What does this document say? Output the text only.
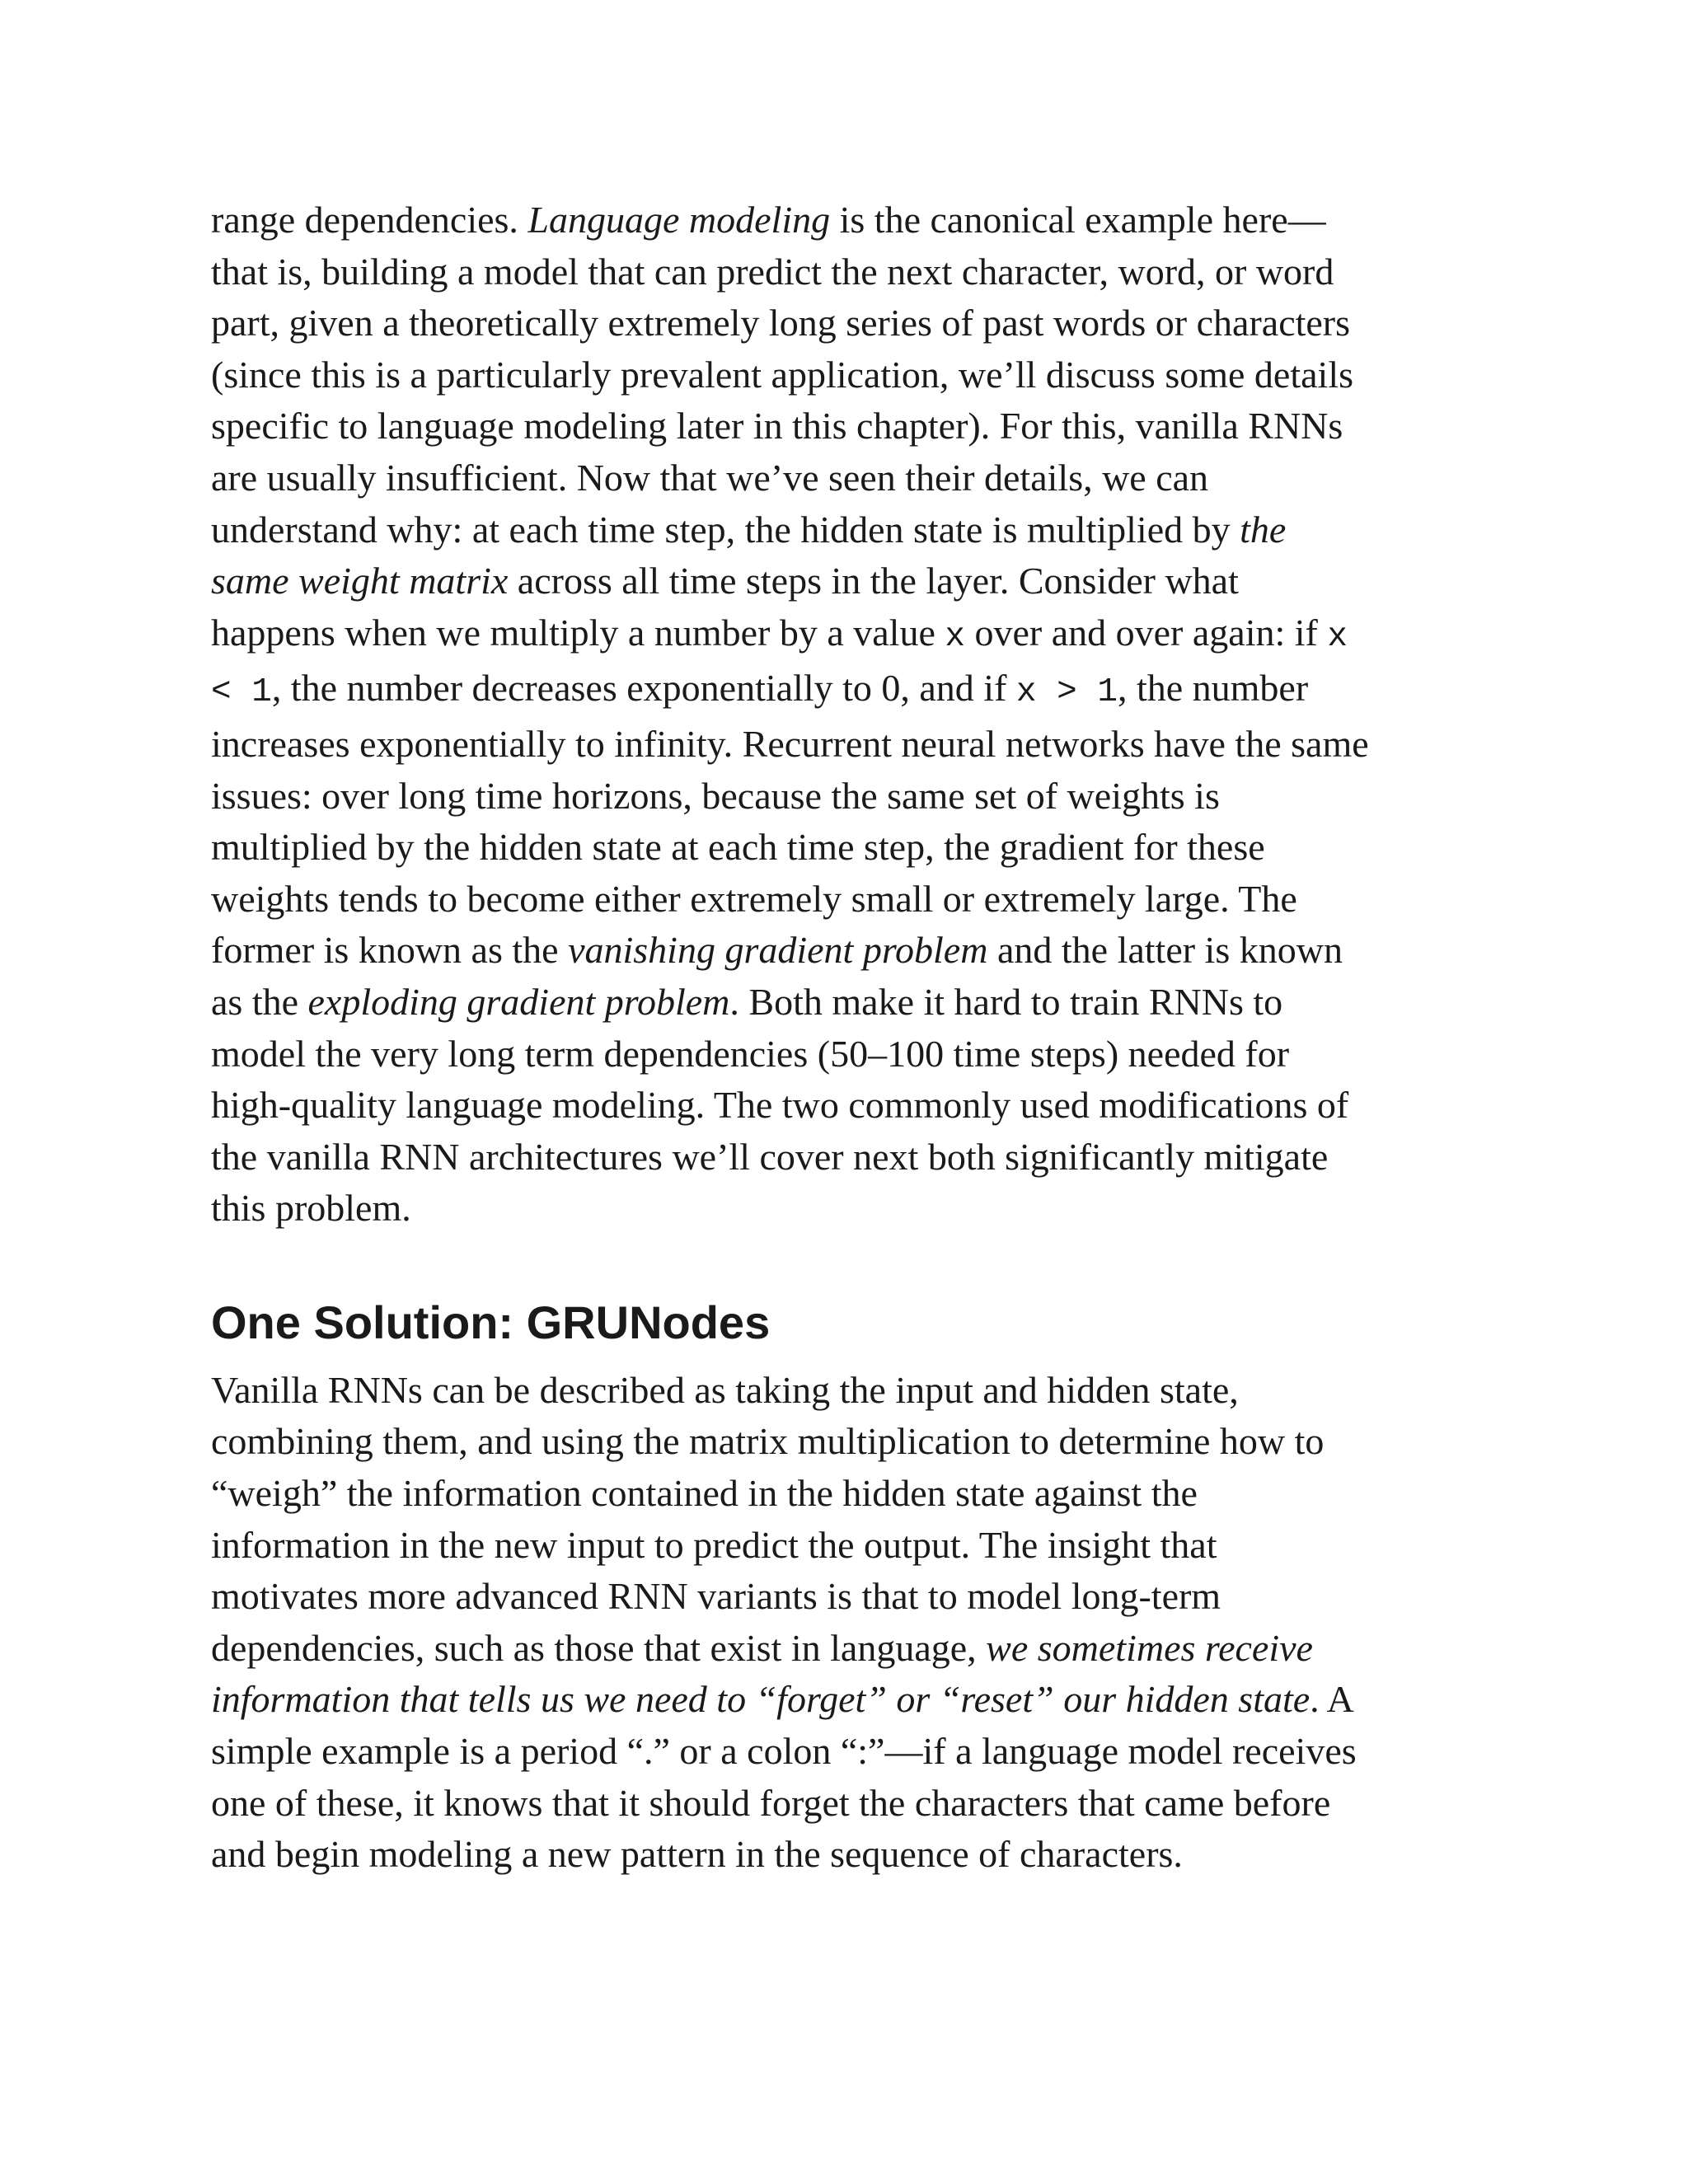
range dependencies. Language modeling is the canonical example here—
that is, building a model that can predict the next character, word, or word
part, given a theoretically extremely long series of past words or characters
(since this is a particularly prevalent application, we’ll discuss some details
specific to language modeling later in this chapter). For this, vanilla RNNs
are usually insufficient. Now that we’ve seen their details, we can
understand why: at each time step, the hidden state is multiplied by the
same weight matrix across all time steps in the layer. Consider what
happens when we multiply a number by a value x over and over again: if x
< 1, the number decreases exponentially to 0, and if x > 1, the number
increases exponentially to infinity. Recurrent neural networks have the same
issues: over long time horizons, because the same set of weights is
multiplied by the hidden state at each time step, the gradient for these
weights tends to become either extremely small or extremely large. The
former is known as the vanishing gradient problem and the latter is known
as the exploding gradient problem. Both make it hard to train RNNs to
model the very long term dependencies (50–100 time steps) needed for
high-quality language modeling. The two commonly used modifications of
the vanilla RNN architectures we’ll cover next both significantly mitigate
this problem.

One Solution: GRUNodes

Vanilla RNNs can be described as taking the input and hidden state,
combining them, and using the matrix multiplication to determine how to
“weigh” the information contained in the hidden state against the
information in the new input to predict the output. The insight that
motivates more advanced RNN variants is that to model long-term
dependencies, such as those that exist in language, we sometimes receive
information that tells us we need to “forget” or “reset” our hidden state. A
simple example is a period “.” or a colon “:”—if a language model receives
one of these, it knows that it should forget the characters that came before
and begin modeling a new pattern in the sequence of characters.
